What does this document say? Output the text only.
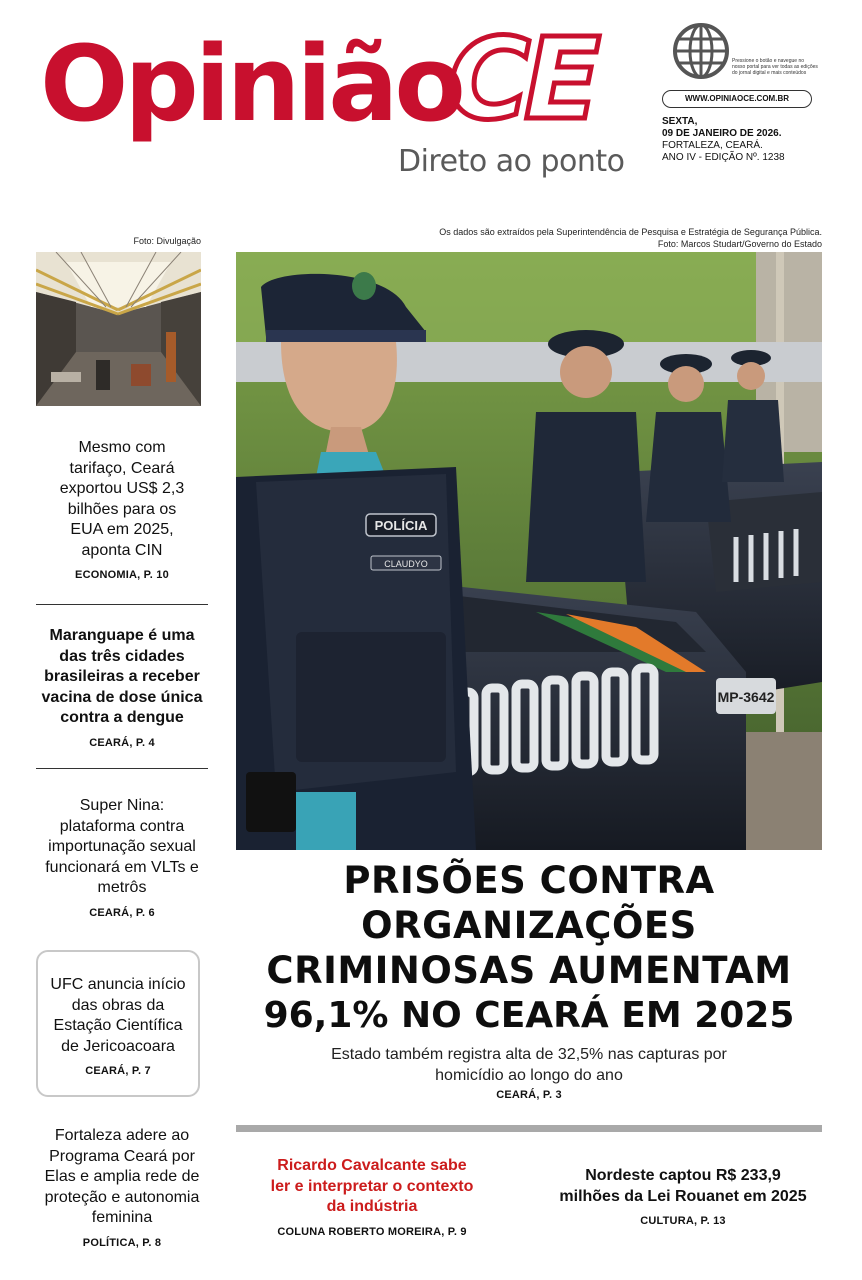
Opinião
CE
Direto ao ponto
Pressione o botão e navegue no nosso portal para ver todas as edições do jornal digital e mais conteúdos
WWW.OPINIAOCE.COM.BR
SEXTA,
09 DE JANEIRO DE 2026.
FORTALEZA, CEARÁ.
ANO IV - EDIÇÃO Nº. 1238
Foto: Divulgação
Os dados são extraídos pela Superintendência de Pesquisa e Estratégia de Segurança Pública.
Foto: Marcos Studart/Governo do Estado
Mesmo com tarifaço, Ceará exportou US$ 2,3 bilhões para os EUA em 2025, aponta CIN
ECONOMIA, P. 10
Maranguape é uma das três cidades brasileiras a receber vacina de dose única contra a dengue
CEARÁ, P. 4
Super Nina: plataforma contra importunação sexual funcionará em VLTs e metrôs
CEARÁ, P. 6
UFC anuncia início das obras da Estação Científica de Jericoacoara
CEARÁ, P. 7
Fortaleza adere ao Programa Ceará por Elas e amplia rede de proteção e autonomia feminina
POLÍTICA, P. 8
MP-3642
POLÍCIA
CLAUDYO
PRISÕES CONTRA
ORGANIZAÇÕES
CRIMINOSAS AUMENTAM
96,1% NO CEARÁ EM 2025
Estado também registra alta de 32,5% nas capturas por
homicídio ao longo do ano
CEARÁ, P. 3
Ricardo Cavalcante sabe
ler e interpretar o contexto
da indústria
COLUNA ROBERTO MOREIRA, P. 9
Nordeste captou R$ 233,9
milhões da Lei Rouanet em 2025
CULTURA, P. 13
